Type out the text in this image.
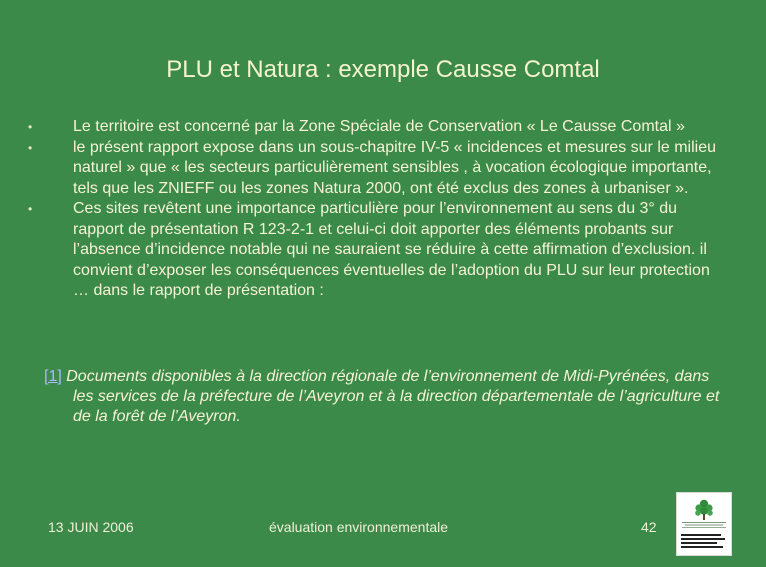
PLU et Natura : exemple Causse Comtal
•	Le territoire est concerné par la Zone Spéciale de Conservation « Le Causse Comtal »
•	le présent rapport expose dans un sous-chapitre IV-5 « incidences et mesures sur le milieu naturel » que « les secteurs particulièrement sensibles , à vocation écologique importante, tels que les ZNIEFF ou les zones Natura 2000, ont été exclus des zones à urbaniser ».
•	Ces sites revêtent une importance particulière pour l’environnement au sens du 3° du rapport de présentation R 123-2-1 et celui-ci doit apporter des éléments probants sur l’absence d’incidence notable qui ne sauraient se réduire à cette affirmation d’exclusion. il convient d’exposer les conséquences éventuelles de l’adoption du PLU sur leur protection … dans le rapport de présentation :
[1] Documents disponibles à la direction régionale de l’environnement de Midi-Pyrénées, dans les services de la préfecture de l’Aveyron et à la direction départementale de l’agriculture et de la forêt de l’Aveyron.
13 JUIN 2006	évaluation environnementale	42
